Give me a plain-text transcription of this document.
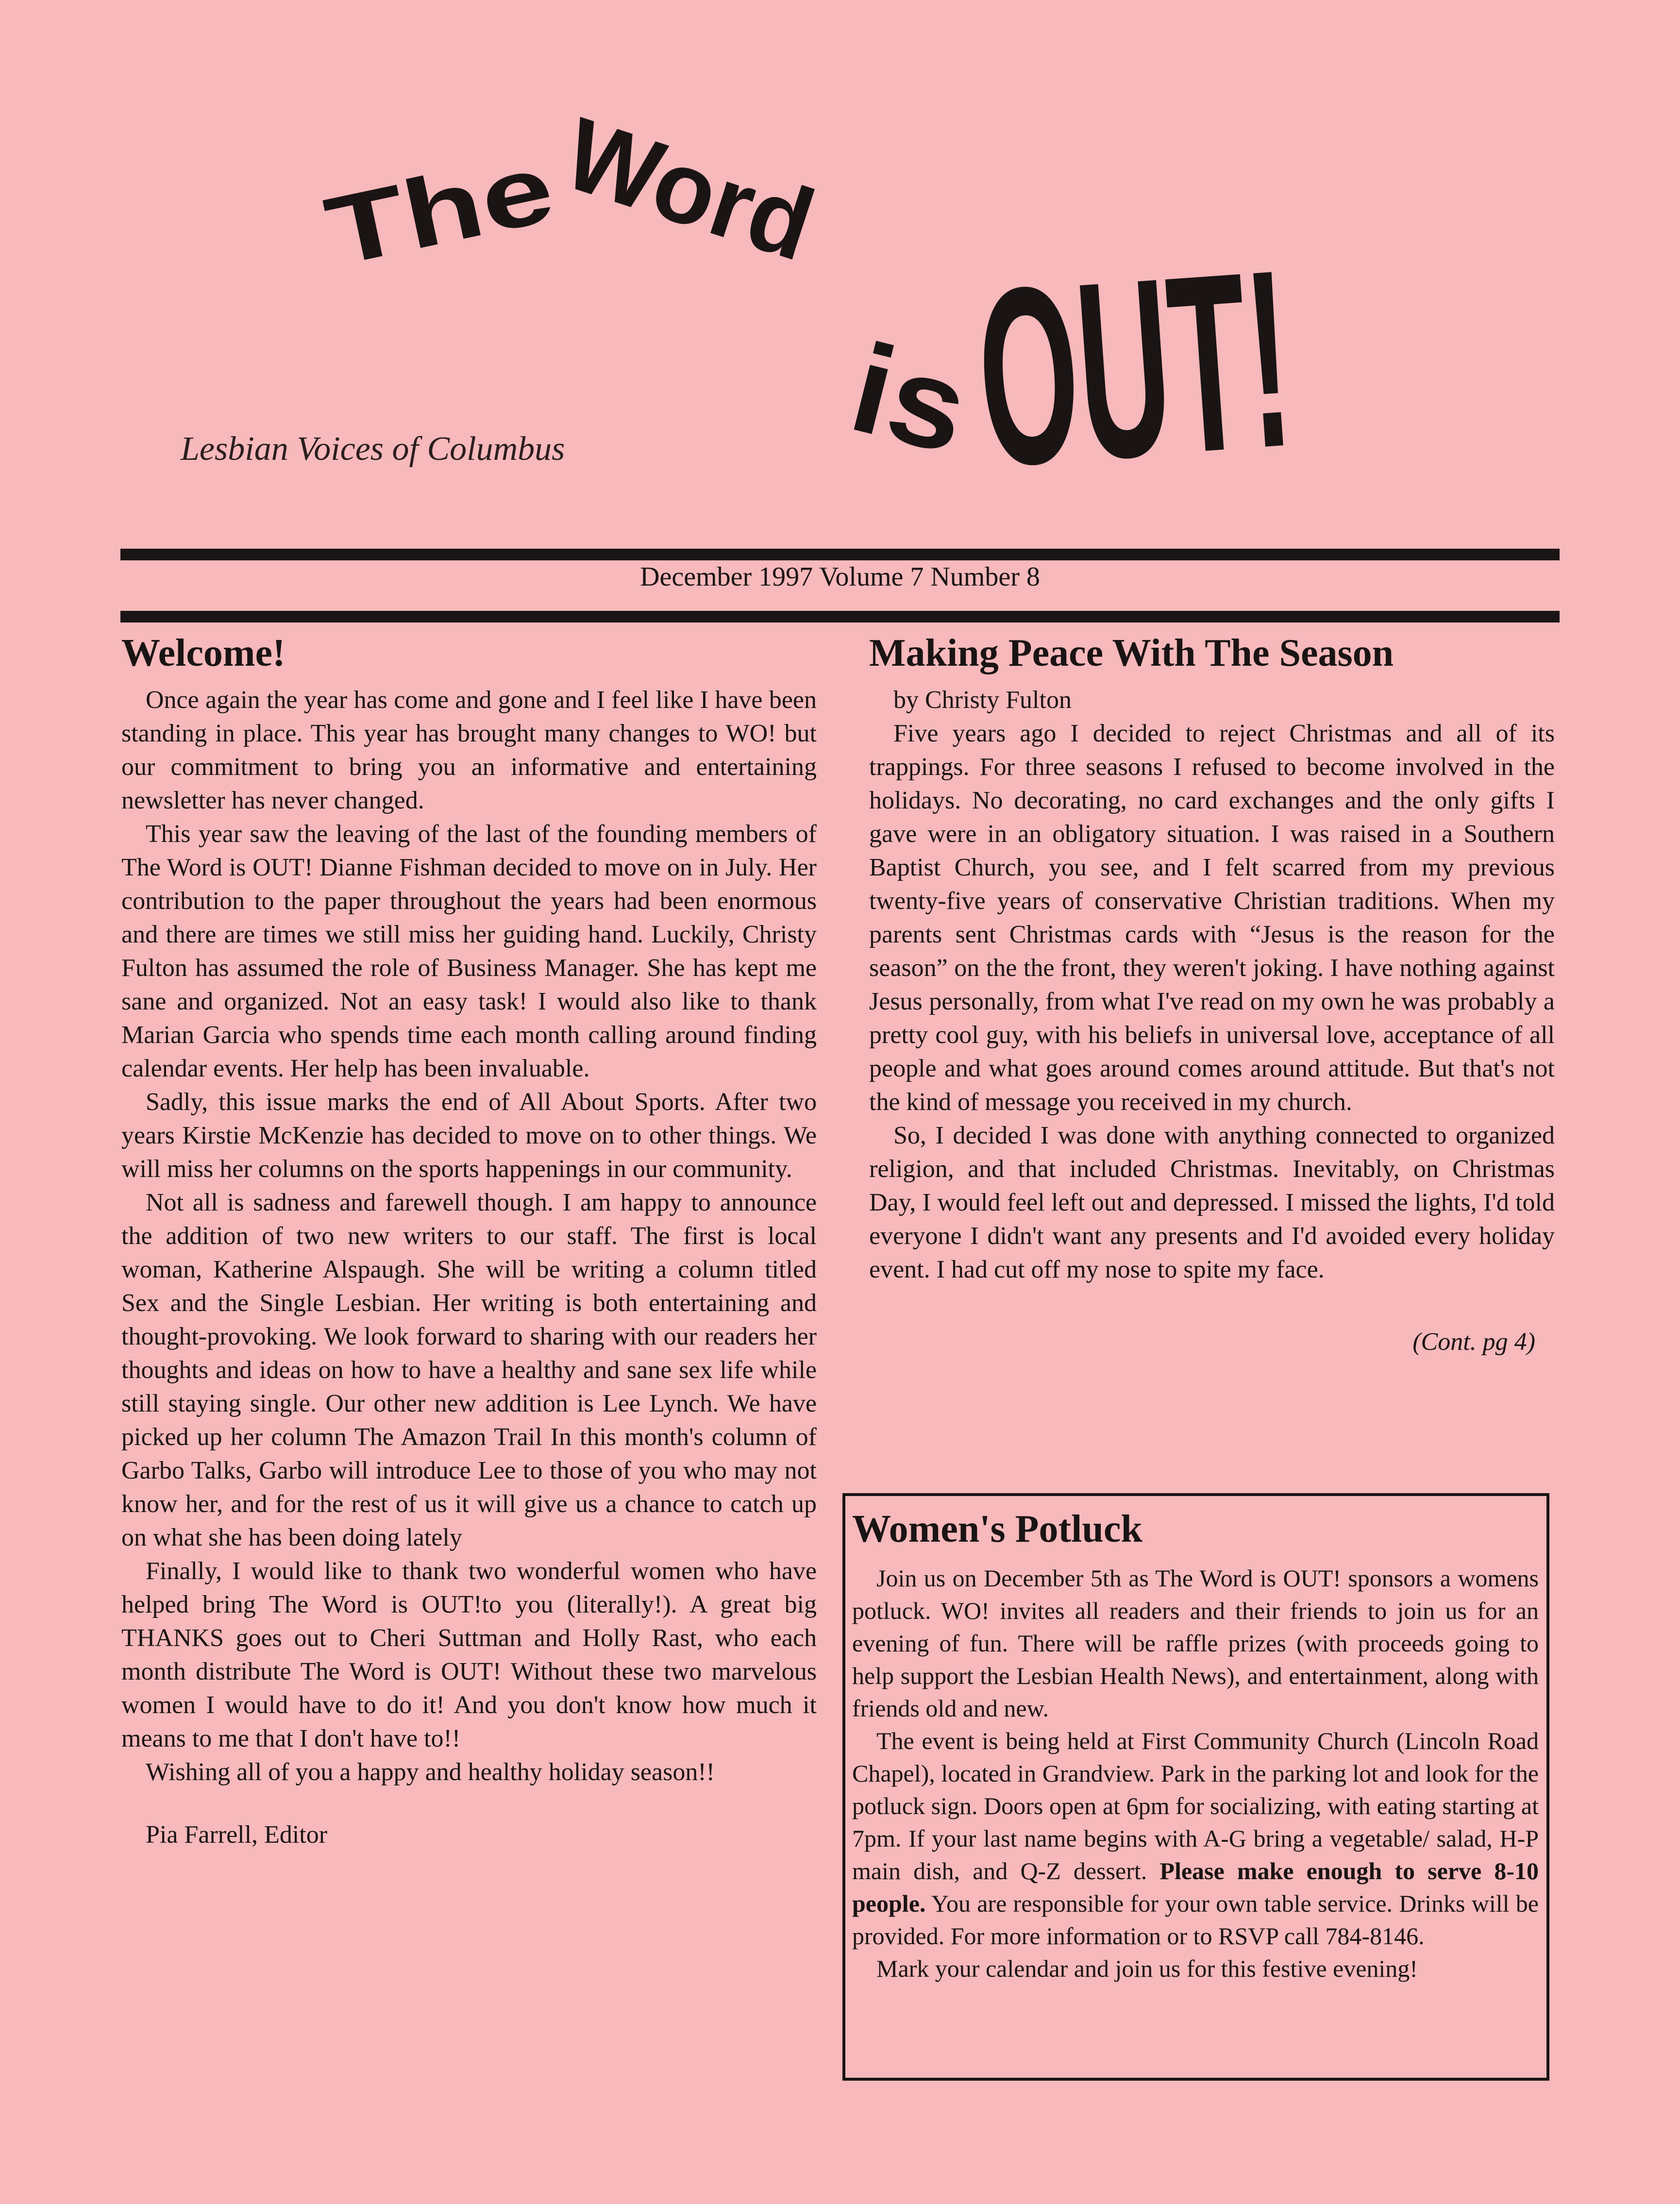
The Word
is
OUT!
Lesbian Voices of Columbus
December 1997 Volume 7 Number 8
Welcome!

Once again the year has come and gone and I feel like I have been standing in place. This year has brought many changes to WO! but our commitment to bring you an informative and entertaining newsletter has never changed.

This year saw the leaving of the last of the founding members of The Word is OUT! Dianne Fishman decided to move on in July. Her contribution to the paper throughout the years had been enormous and there are times we still miss her guiding hand. Luckily, Christy Fulton has assumed the role of Business Manager. She has kept me sane and organized. Not an easy task! I would also like to thank Marian Garcia who spends time each month calling around finding calendar events. Her help has been invaluable.

Sadly, this issue marks the end of All About Sports. After two years Kirstie McKenzie has decided to move on to other things. We will miss her columns on the sports happenings in our community.

Not all is sadness and farewell though. I am happy to announce the addition of two new writers to our staff. The first is local woman, Katherine Alspaugh. She will be writing a column titled Sex and the Single Lesbian. Her writing is both entertaining and thought-provoking. We look forward to sharing with our readers her thoughts and ideas on how to have a healthy and sane sex life while still staying single. Our other new addition is Lee Lynch. We have picked up her column The Amazon Trail In this month's column of Garbo Talks, Garbo will introduce Lee to those of you who may not know her, and for the rest of us it will give us a chance to catch up on what she has been doing lately

Finally, I would like to thank two wonderful women who have helped bring The Word is OUT!to you (literally!). A great big THANKS goes out to Cheri Suttman and Holly Rast, who each month distribute The Word is OUT! Without these two marvelous women I would have to do it! And you don't know how much it means to me that I don't have to!!

Wishing all of you a happy and healthy holiday season!!

Pia Farrell, Editor

Making Peace With The Season

by Christy Fulton

Five years ago I decided to reject Christmas and all of its trappings. For three seasons I refused to become involved in the holidays. No decorating, no card exchanges and the only gifts I gave were in an obligatory situation. I was raised in a Southern Baptist Church, you see, and I felt scarred from my previous twenty-five years of conservative Christian traditions. When my parents sent Christmas cards with “Jesus is the reason for the season” on the the front, they weren't joking. I have nothing against Jesus personally, from what I've read on my own he was probably a pretty cool guy, with his beliefs in universal love, acceptance of all people and what goes around comes around attitude. But that's not the kind of message you received in my church.

So, I decided I was done with anything connected to organized religion, and that included Christmas. Inevitably, on Christmas Day, I would feel left out and depressed. I missed the lights, I'd told everyone I didn't want any presents and I'd avoided every holiday event. I had cut off my nose to spite my face.

(Cont. pg 4)

Women's Potluck

Join us on December 5th as The Word is OUT! sponsors a womens potluck. WO! invites all readers and their friends to join us for an evening of fun. There will be raffle prizes (with proceeds going to help support the Lesbian Health News), and entertainment, along with friends old and new.

The event is being held at First Community Church (Lincoln Road Chapel), located in Grandview. Park in the parking lot and look for the potluck sign. Doors open at 6pm for socializing, with eating starting at 7pm. If your last name begins with A-G bring a vegetable/ salad, H-P main dish, and Q-Z dessert. Please make enough to serve 8-10 people. You are responsible for your own table service. Drinks will be provided. For more information or to RSVP call 784-8146.

Mark your calendar and join us for this festive evening!
